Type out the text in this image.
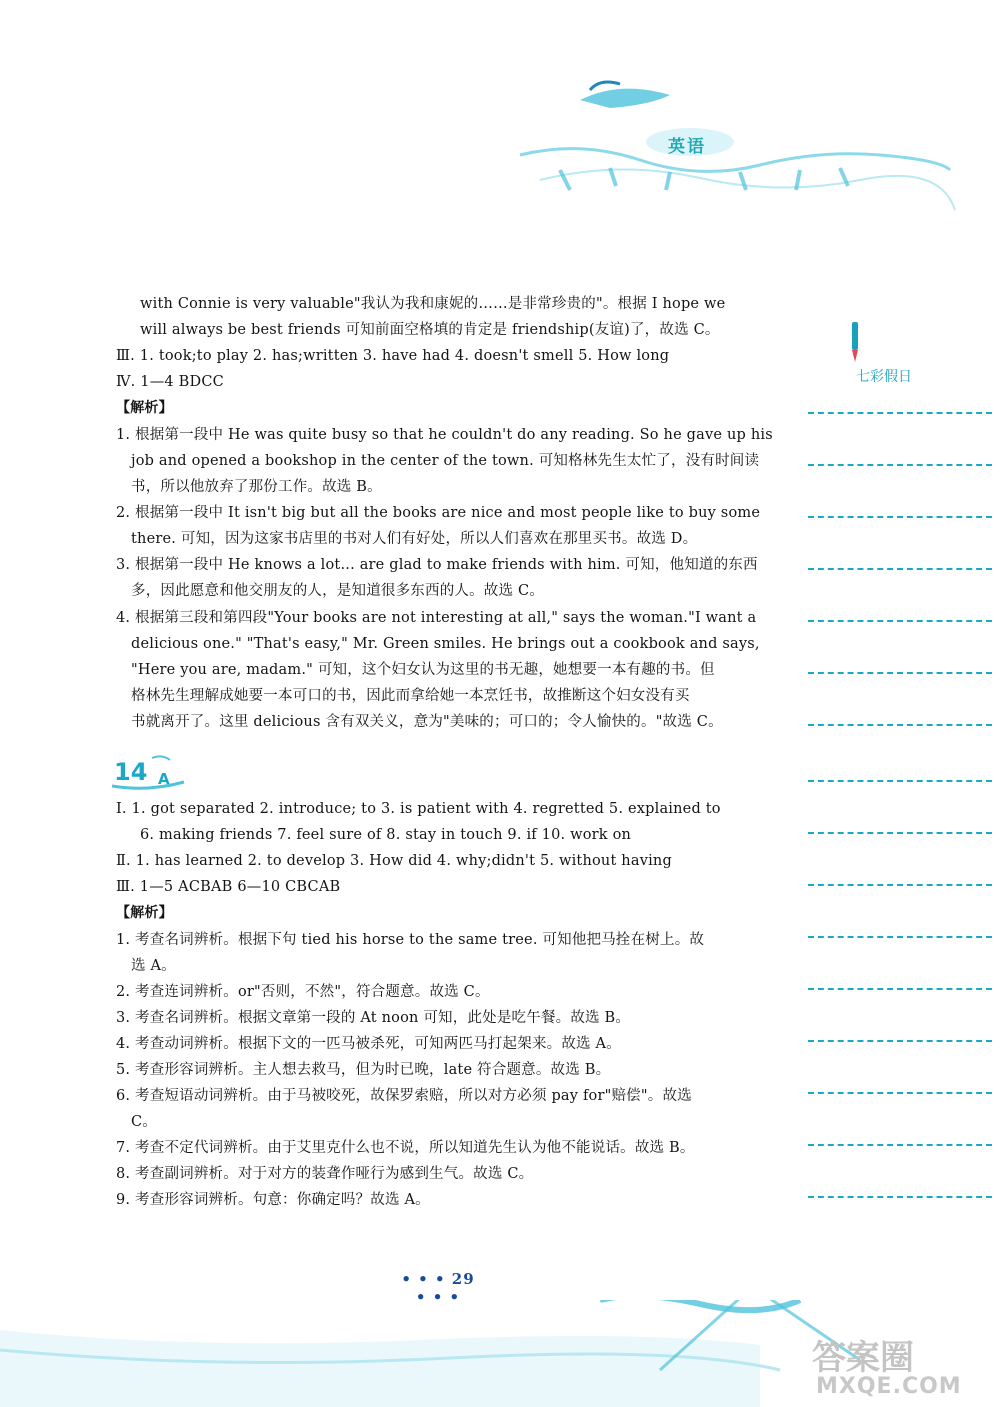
英语
七彩假日
with Connie is very valuable"我认为我和康妮的……是非常珍贵的"。根据 I hope we
will always be best friends 可知前面空格填的肯定是 friendship(友谊)了，故选 C。
Ⅲ. 1. took;to play 2. has;written 3. have had 4. doesn't smell 5. How long
Ⅳ. 1—4 BDCC
【解析】
1. 根据第一段中 He was quite busy so that he couldn't do any reading. So he gave up his
job and opened a bookshop in the center of the town. 可知格林先生太忙了，没有时间读
书，所以他放弃了那份工作。故选 B。
2. 根据第一段中 It isn't big but all the books are nice and most people like to buy some
there. 可知，因为这家书店里的书对人们有好处，所以人们喜欢在那里买书。故选 D。
3. 根据第一段中 He knows a lot... are glad to make friends with him. 可知，他知道的东西
多，因此愿意和他交朋友的人，是知道很多东西的人。故选 C。
4. 根据第三段和第四段"Your books are not interesting at all," says the woman."I want a
delicious one." "That's easy," Mr. Green smiles. He brings out a cookbook and says,
"Here you are, madam." 可知，这个妇女认为这里的书无趣，她想要一本有趣的书。但
格林先生理解成她要一本可口的书，因此而拿给她一本烹饪书，故推断这个妇女没有买
书就离开了。这里 delicious 含有双关义，意为"美味的；可口的；令人愉快的。"故选 C。
14 A
Ⅰ. 1. got separated 2. introduce; to 3. is patient with 4. regretted 5. explained to
6. making friends 7. feel sure of 8. stay in touch 9. if 10. work on
Ⅱ. 1. has learned 2. to develop 3. How did 4. why;didn't 5. without having
Ⅲ. 1—5 ACBAB 6—10 CBCAB
【解析】
1. 考查名词辨析。根据下句 tied his horse to the same tree. 可知他把马拴在树上。故
选 A。
2. 考查连词辨析。or"否则，不然"，符合题意。故选 C。
3. 考查名词辨析。根据文章第一段的 At noon 可知，此处是吃午餐。故选 B。
4. 考查动词辨析。根据下文的一匹马被杀死，可知两匹马打起架来。故选 A。
5. 考查形容词辨析。主人想去救马，但为时已晚，late 符合题意。故选 B。
6. 考查短语动词辨析。由于马被咬死，故保罗索赔，所以对方必须 pay for"赔偿"。故选
C。
7. 考查不定代词辨析。由于艾里克什么也不说，所以知道先生认为他不能说话。故选 B。
8. 考查副词辨析。对于对方的装聋作哑行为感到生气。故选 C。
9. 考查形容词辨析。句意：你确定吗？故选 A。
• • • 29 • • •
答案圈
MXQE.COM
